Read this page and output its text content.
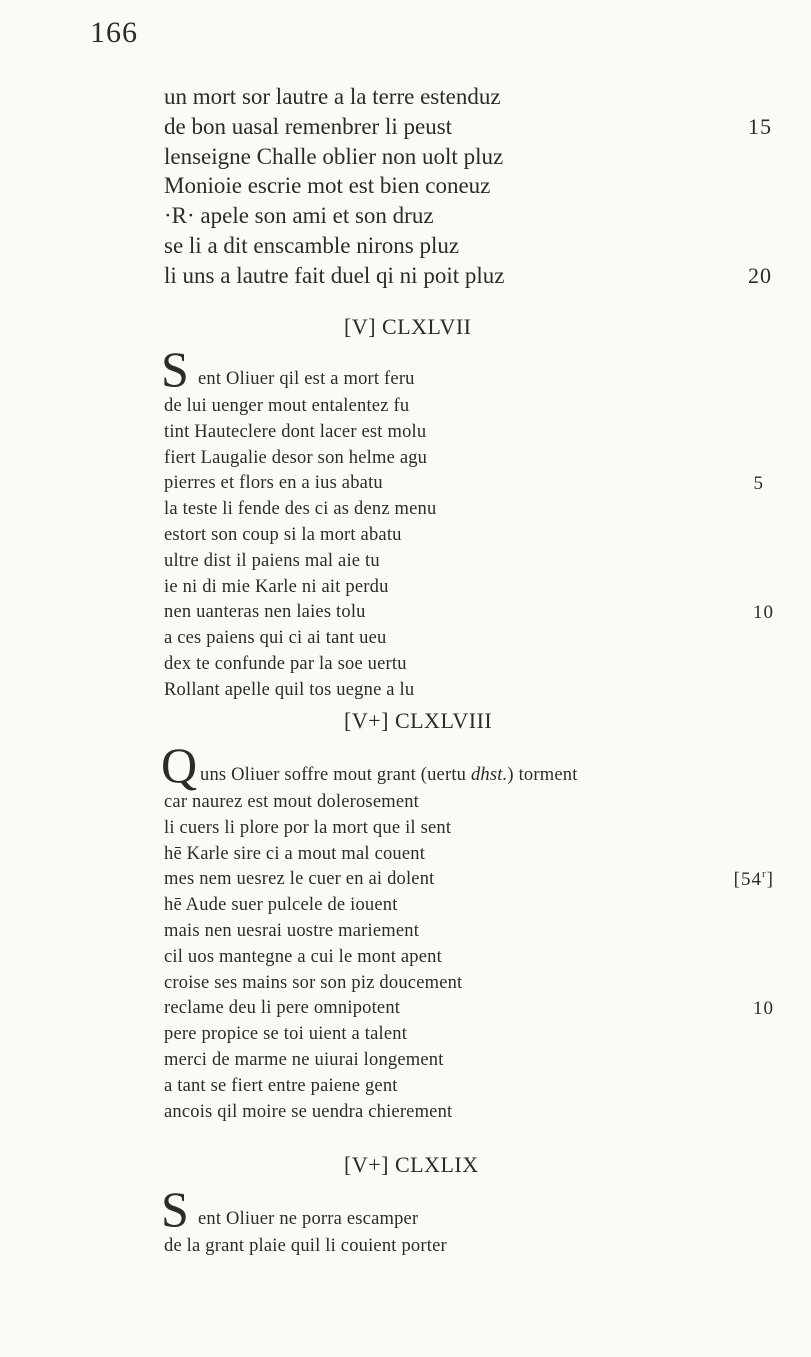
166
un mort sor lautre a la terre estenduz
de bon uasal remenbrer li peust	15
lenseigne Challe oblier non uolt pluz
Monioie escrie mot est bien coneuz
·R· apele son ami et son druz
se li a dit enscamble nirons pluz
li uns a lautre fait duel qi ni poit pluz	20
[V] CLXLVII
S ent Oliuer qil est a mort feru
de lui uenger mout entalentez fu
tint Hauteclere dont lacer est molu
fiert Laugalie desor son helme agu
pierres et flors en a ius abatu	5
la teste li fende des ci as denz menu
estort son coup si la mort abatu
ultre dist il paiens mal aie tu
ie ni di mie Karle ni ait perdu
nen uanteras nen laies tolu	10
a ces paiens qui ci ai tant ueu
dex te confunde par la soe uertu
Rollant apelle quil tos uegne a lu
[V+] CLXLVIII
Q uns Oliuer soffre mout grant (uertu dhst.) torment
car naurez est mout dolerosement
li cuers li plore por la mort que il sent
hē Karle sire ci a mout mal couent
mes nem uesrez le cuer en ai dolent	[54$^r$]
hē Aude suer pulcele de iouent
mais nen uesrai uostre mariement
cil uos mantegne a cui le mont apent
croise ses mains sor son piz doucement
reclame deu li pere omnipotent	10
pere propice se toi uient a talent
merci de marme ne uiurai longement
a tant se fiert entre paiene gent
ancois qil moire se uendra chierement
[V+] CLXLIX
S ent Oliuer ne porra escamper
de la grant plaie quil li couient porter
